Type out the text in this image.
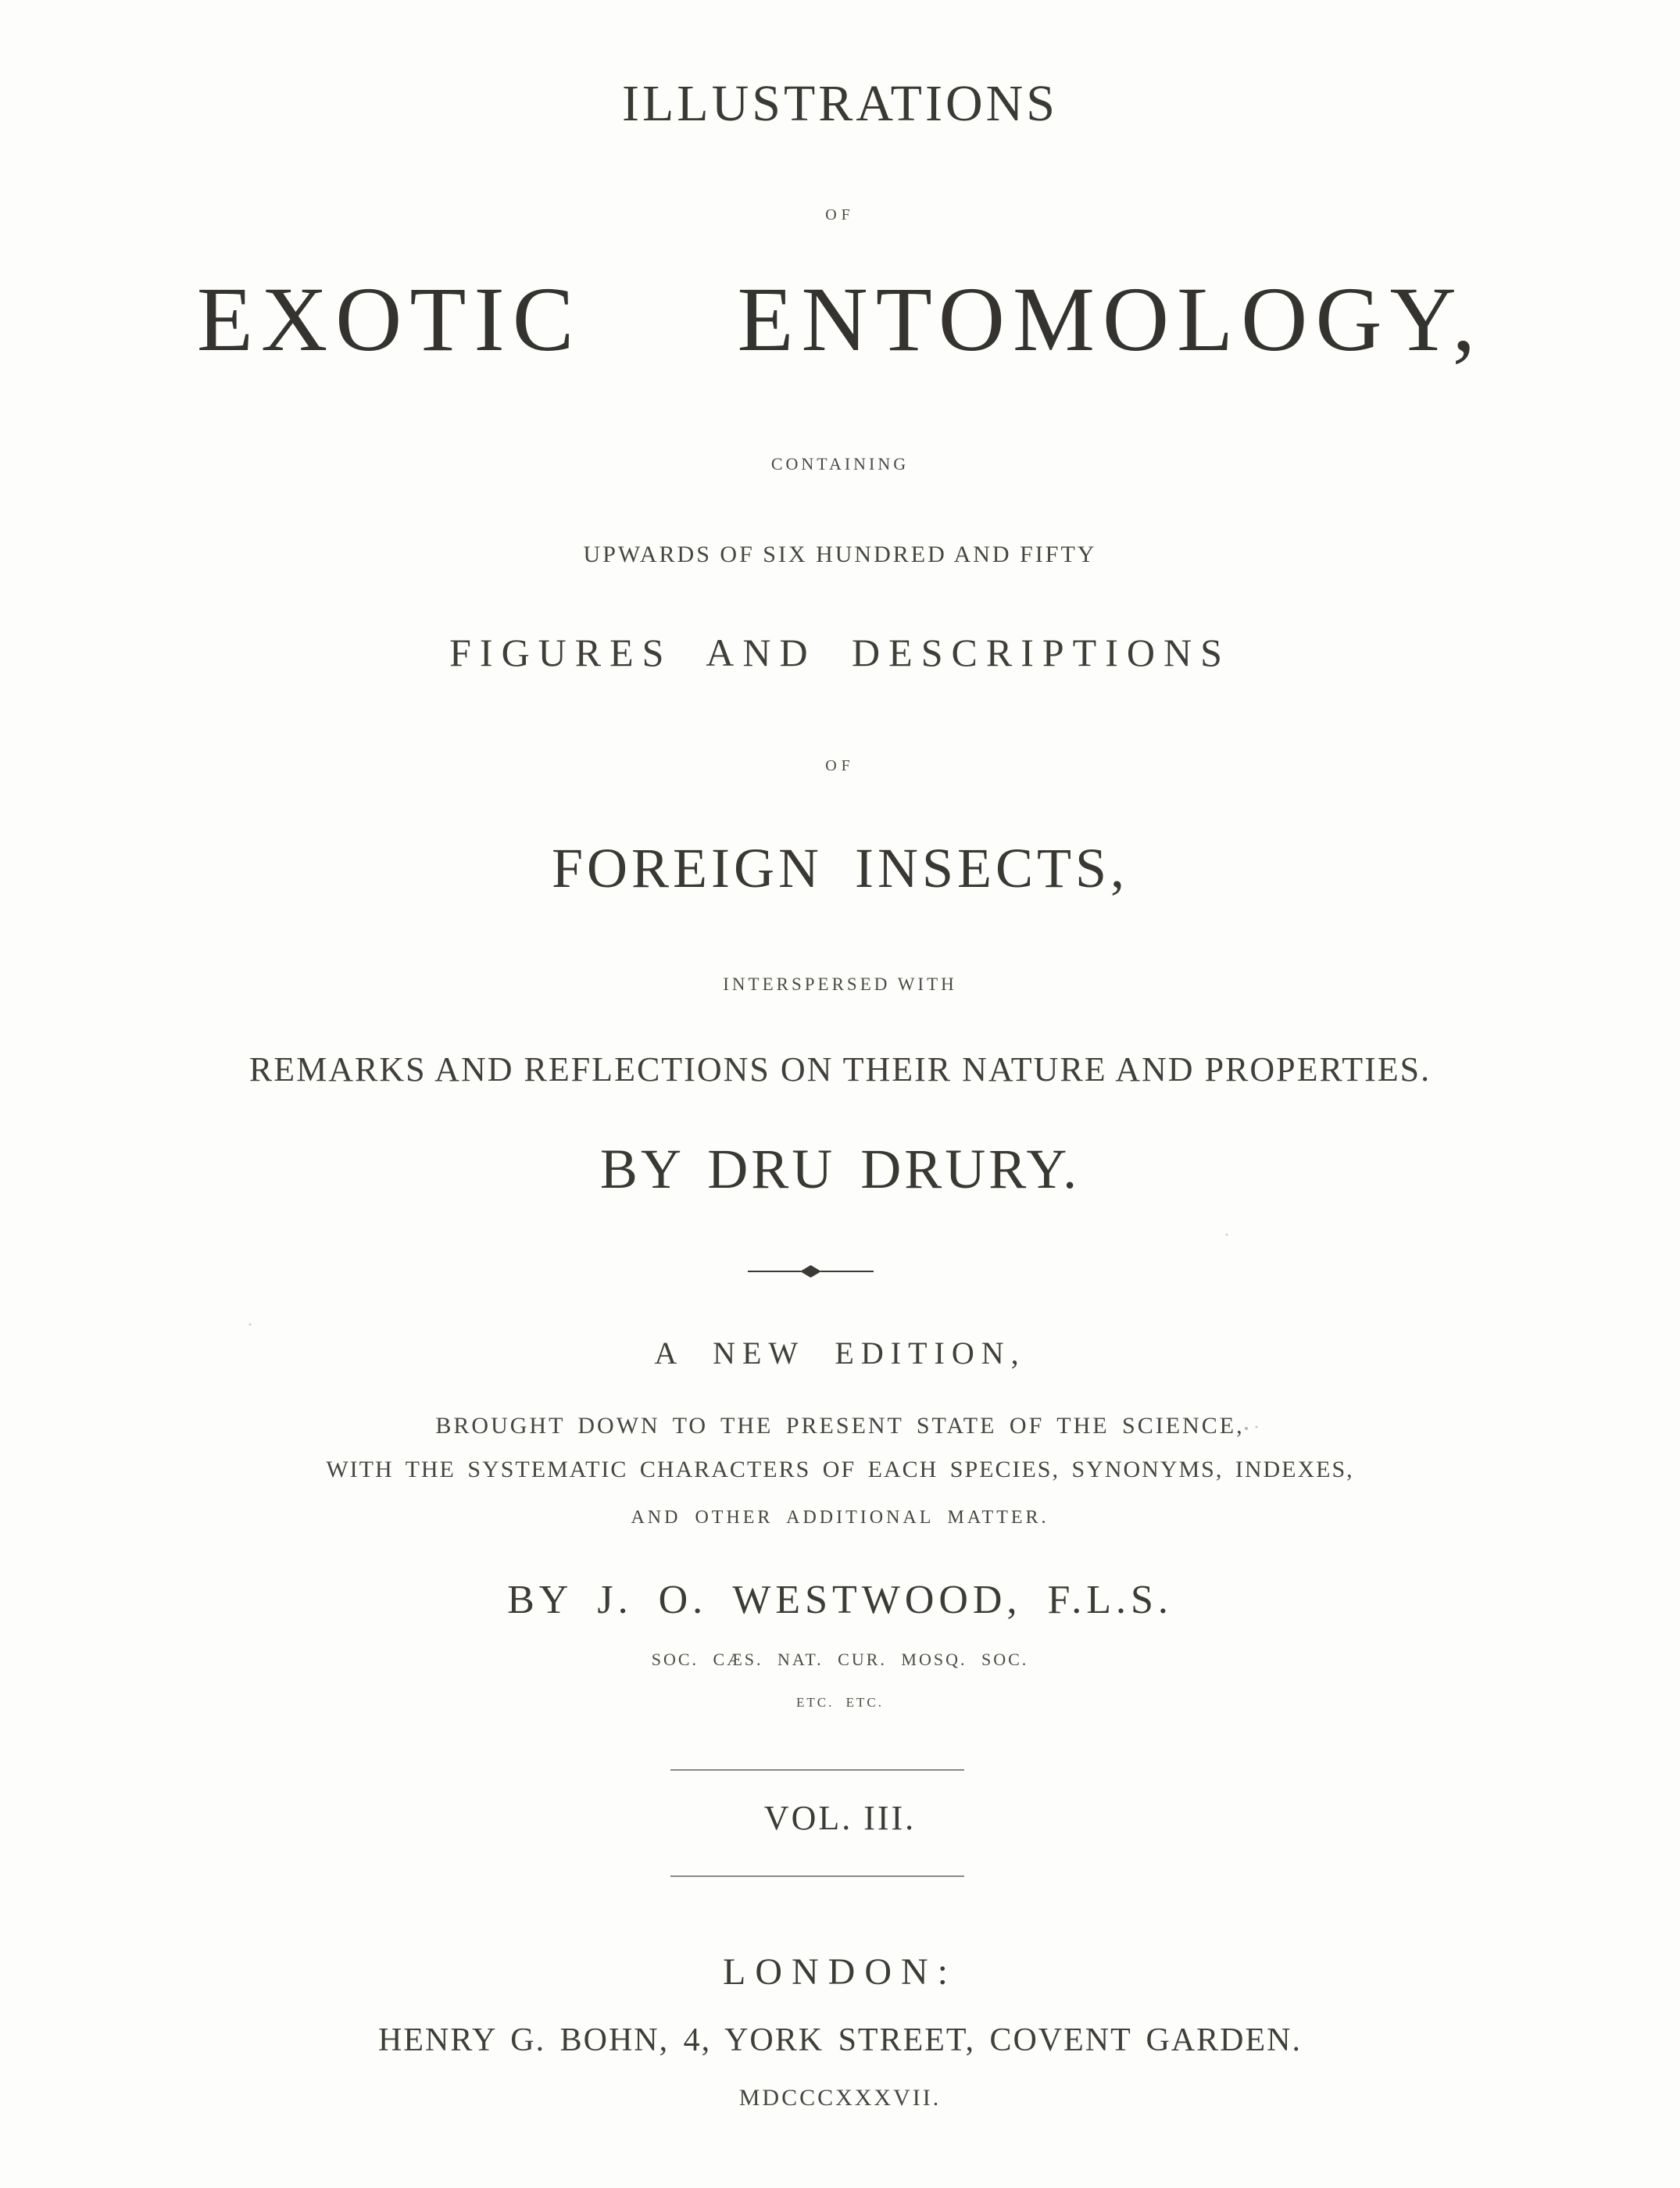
ILLUSTRATIONS
OF
EXOTIC  ENTOMOLOGY,
CONTAINING
UPWARDS OF SIX HUNDRED AND FIFTY
FIGURES AND DESCRIPTIONS
OF
FOREIGN INSECTS,
INTERSPERSED WITH
REMARKS AND REFLECTIONS ON THEIR NATURE AND PROPERTIES.
BY DRU DRURY.
A NEW EDITION,
BROUGHT DOWN TO THE PRESENT STATE OF THE SCIENCE,
WITH THE SYSTEMATIC CHARACTERS OF EACH SPECIES, SYNONYMS, INDEXES,
AND OTHER ADDITIONAL MATTER.
BY J. O. WESTWOOD, F.L.S.
SOC. CÆS. NAT. CUR. MOSQ. SOC.
ETC. ETC.
VOL. III.
LONDON:
HENRY G. BOHN, 4, YORK STREET, COVENT GARDEN.
MDCCCXXXVII.
